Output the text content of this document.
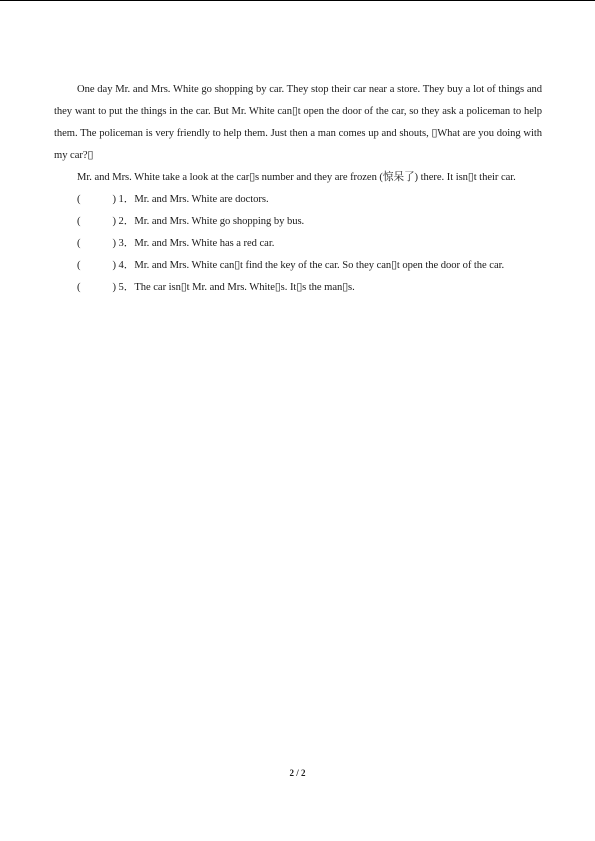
One day Mr. and Mrs. White go shopping by car. They stop their car near a store. They buy a lot of things and they want to put the things in the car. But Mr. White can▯t open the door of the car, so they ask a policeman to help them. The policeman is very friendly to help them. Just then a man comes up and shouts, ▯What are you doing with my car?▯

Mr. and Mrs. White take a look at the car▯s number and they are frozen (惊呆了) there. It isn▯t their car.

(	) 1．Mr. and Mrs. White are doctors.

(	) 2．Mr. and Mrs. White go shopping by bus.

(	) 3．Mr. and Mrs. White has a red car.

(	) 4．Mr. and Mrs. White can▯t find the key of the car. So they can▯t open the door of the car.

(	) 5．The car isn▯t Mr. and Mrs. White▯s. It▯s the man▯s.

2 / 2
